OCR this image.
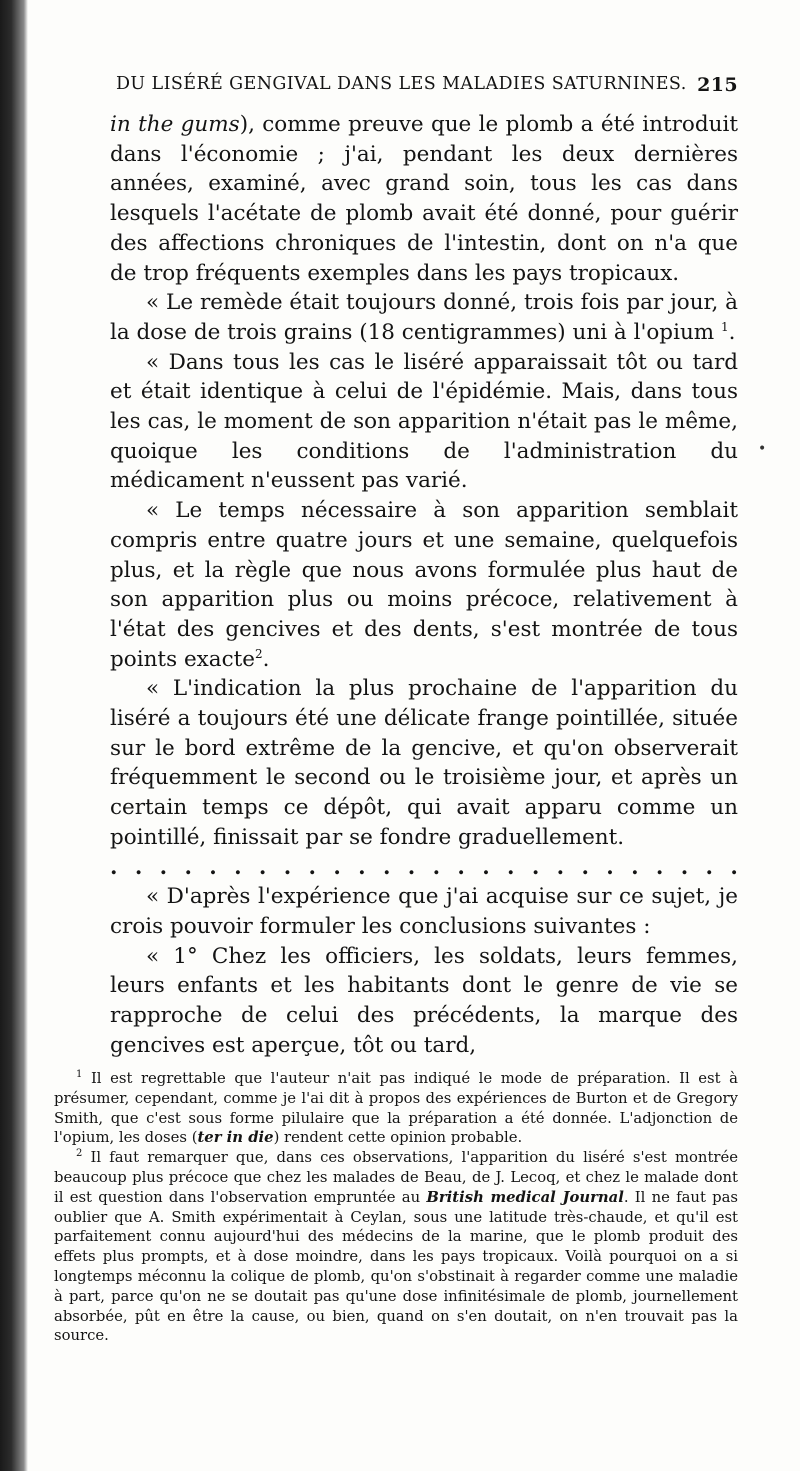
DU LISÉRÉ GENGIVAL DANS LES MALADIES SATURNINES. 215

in the gums), comme preuve que le plomb a été introduit dans l'économie ; j'ai, pendant les deux dernières années, examiné, avec grand soin, tous les cas dans lesquels l'acétate de plomb avait été donné, pour guérir des affections chroniques de l'intestin, dont on n'a que de trop fréquents exemples dans les pays tropicaux.

« Le remède était toujours donné, trois fois par jour, à la dose de trois grains (18 centigrammes) uni à l'opium $^1$.

« Dans tous les cas le liséré apparaissait tôt ou tard et était identique à celui de l'épidémie. Mais, dans tous les cas, le moment de son apparition n'était pas le même, quoique les conditions de l'administration du médicament n'eussent pas varié.

« Le temps nécessaire à son apparition semblait compris entre quatre jours et une semaine, quelquefois plus, et la règle que nous avons formulée plus haut de son apparition plus ou moins précoce, relativement à l'état des gencives et des dents, s'est montrée de tous points exacte$^2$.

« L'indication la plus prochaine de l'apparition du liséré a toujours été une délicate frange pointillée, située sur le bord extrême de la gencive, et qu'on observerait fréquemment le second ou le troisième jour, et après un certain temps ce dépôt, qui avait apparu comme un pointillé, finissait par se fondre graduellement.

. . . . . . . . . . . . . . . . . . . . . . . . . .

« D'après l'expérience que j'ai acquise sur ce sujet, je crois pouvoir formuler les conclusions suivantes :

« 1° Chez les officiers, les soldats, leurs femmes, leurs enfants et les habitants dont le genre de vie se rapproche de celui des précédents, la marque des gencives est aperçue, tôt ou tard,

•

$^1$ Il est regrettable que l'auteur n'ait pas indiqué le mode de préparation. Il est à présumer, cependant, comme je l'ai dit à propos des expériences de Burton et de Gregory Smith, que c'est sous forme pilulaire que la préparation a été donnée. L'adjonction de l'opium, les doses (ter in die) rendent cette opinion probable.

$^2$ Il faut remarquer que, dans ces observations, l'apparition du liséré s'est montrée beaucoup plus précoce que chez les malades de Beau, de J. Lecoq, et chez le malade dont il est question dans l'observation empruntée au British medical Journal. Il ne faut pas oublier que A. Smith expérimentait à Ceylan, sous une latitude très-chaude, et qu'il est parfaitement connu aujourd'hui des médecins de la marine, que le plomb produit des effets plus prompts, et à dose moindre, dans les pays tropicaux. Voilà pourquoi on a si longtemps méconnu la colique de plomb, qu'on s'obstinait à regarder comme une maladie à part, parce qu'on ne se doutait pas qu'une dose infinitésimale de plomb, journellement absorbée, pût en être la cause, ou bien, quand on s'en doutait, on n'en trouvait pas la source.
